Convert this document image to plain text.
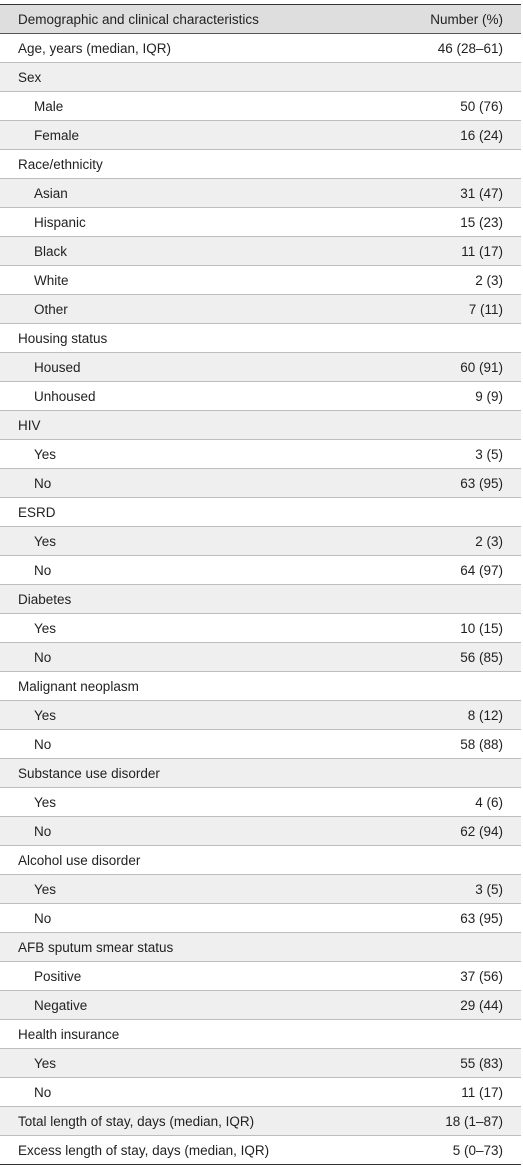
Demographic and clinical characteristics	Number (%)
Age, years (median, IQR)	46 (28–61)
Sex
Male	50 (76)
Female	16 (24)
Race/ethnicity
Asian	31 (47)
Hispanic	15 (23)
Black	11 (17)
White	2 (3)
Other	7 (11)
Housing status
Housed	60 (91)
Unhoused	9 (9)
HIV
Yes	3 (5)
No	63 (95)
ESRD
Yes	2 (3)
No	64 (97)
Diabetes
Yes	10 (15)
No	56 (85)
Malignant neoplasm
Yes	8 (12)
No	58 (88)
Substance use disorder
Yes	4 (6)
No	62 (94)
Alcohol use disorder
Yes	3 (5)
No	63 (95)
AFB sputum smear status
Positive	37 (56)
Negative	29 (44)
Health insurance
Yes	55 (83)
No	11 (17)
Total length of stay, days (median, IQR)	18 (1–87)
Excess length of stay, days (median, IQR)	5 (0–73)
